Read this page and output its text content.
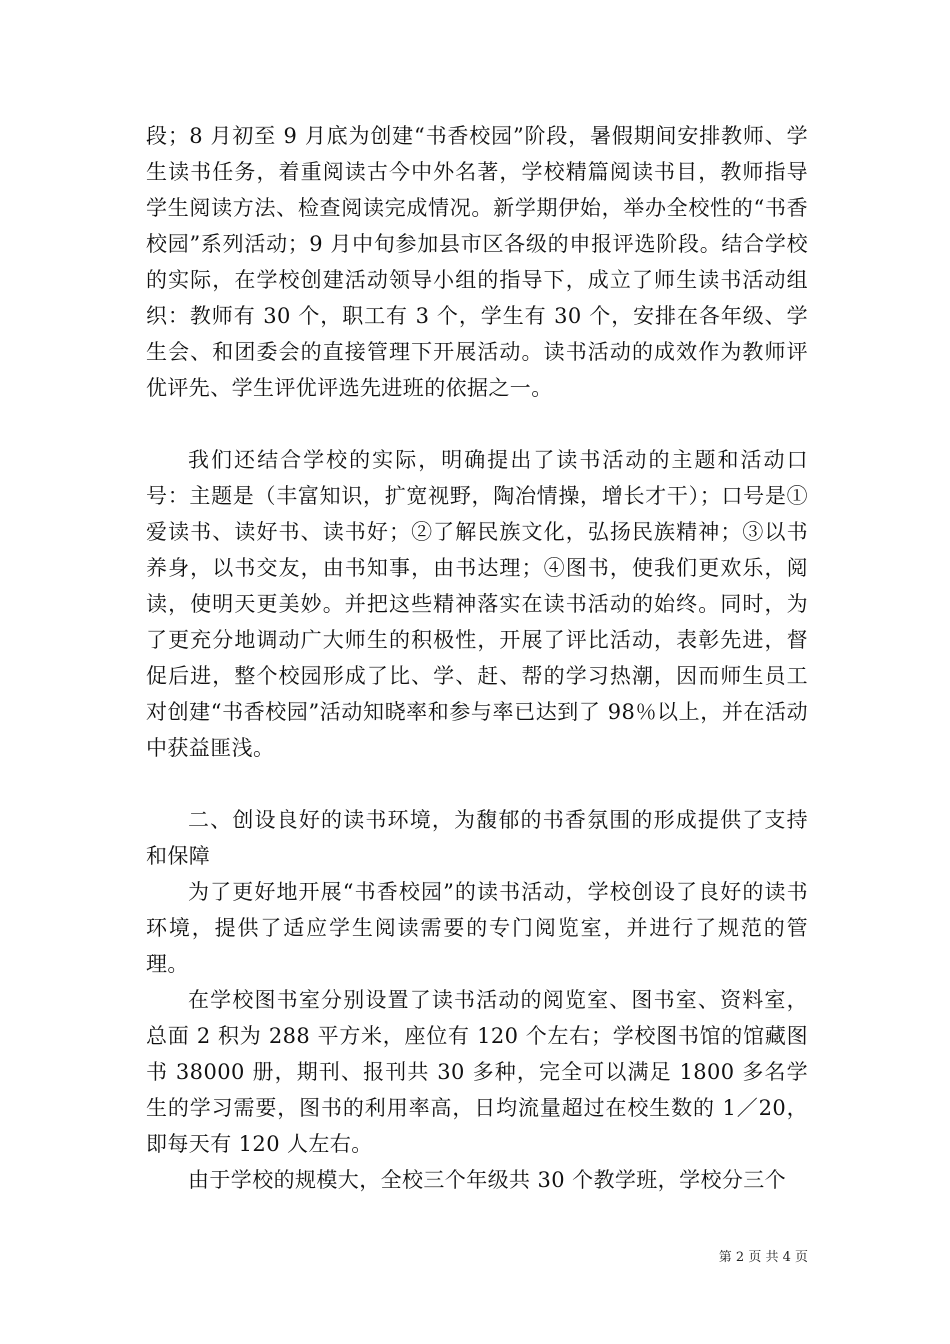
段；8 月初至 9 月底为创建“书香校园”阶段，暑假期间安排教师、学生读书任务，着重阅读古今中外名著，学校精篇阅读书目，教师指导学生阅读方法、检查阅读完成情况。新学期伊始，举办全校性的“书香校园”系列活动；9 月中旬参加县市区各级的申报评选阶段。结合学校的实际，在学校创建活动领导小组的指导下，成立了师生读书活动组织：教师有 30 个，职工有 3 个，学生有 30 个，安排在各年级、学生会、和团委会的直接管理下开展活动。读书活动的成效作为教师评优评先、学生评优评选先进班的依据之一。

我们还结合学校的实际，明确提出了读书活动的主题和活动口号：主题是（丰富知识，扩宽视野，陶冶情操，增长才干）；口号是①爱读书、读好书、读书好；②了解民族文化，弘扬民族精神；③以书养身，以书交友，由书知事，由书达理；④图书，使我们更欢乐，阅读，使明天更美妙。并把这些精神落实在读书活动的始终。同时，为了更充分地调动广大师生的积极性，开展了评比活动，表彰先进，督促后进，整个校园形成了比、学、赶、帮的学习热潮，因而师生员工对创建“书香校园”活动知晓率和参与率已达到了 98％以上，并在活动中获益匪浅。

二、创设良好的读书环境，为馥郁的书香氛围的形成提供了支持和保障

为了更好地开展“书香校园”的读书活动，学校创设了良好的读书环境，提供了适应学生阅读需要的专门阅览室，并进行了规范的管理。

在学校图书室分别设置了读书活动的阅览室、图书室、资料室，总面 2 积为 288 平方米，座位有 120 个左右；学校图书馆的馆藏图书 38000 册，期刊、报刊共 30 多种，完全可以满足 1800 多名学生的学习需要，图书的利用率高，日均流量超过在校生数的 1／20，即每天有 120 人左右。

由于学校的规模大，全校三个年级共 30 个教学班，学校分三个

第 2 页 共 4 页
